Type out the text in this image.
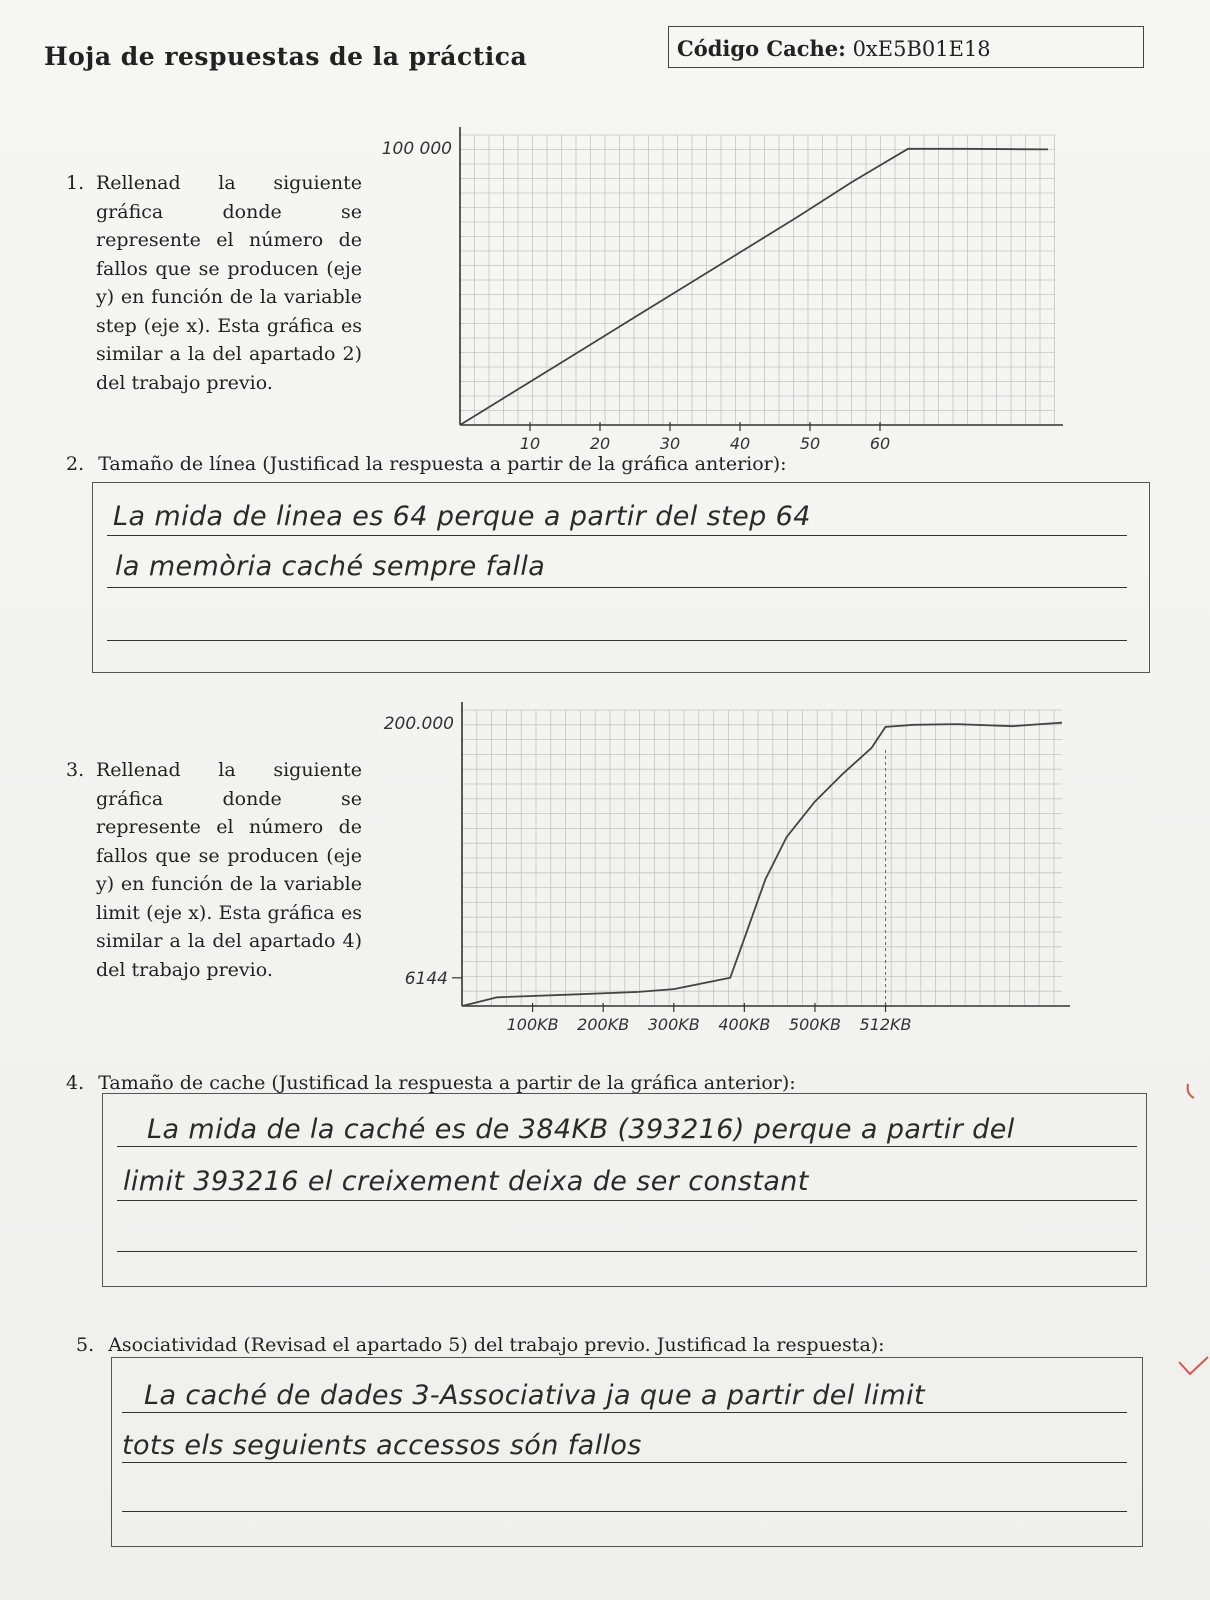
Hoja de respuestas de la práctica	Código Cache: 0xE5B01E18
1. Rellenad la siguiente gráfica donde se represente el número de fallos que se producen (eje y) en función de la variable step (eje x). Esta gráfica es similar a la del apartado 2) del trabajo previo.
10	20	30	40	50	60
100 000
2. Tamaño de línea (Justificad la respuesta a partir de la gráfica anterior):
La mida de linea es 64 perque a partir del step 64
la memòria caché sempre falla
3. Rellenad la siguiente gráfica donde se represente el número de fallos que se producen (eje y) en función de la variable limit (eje x). Esta gráfica es similar a la del apartado 4) del trabajo previo.
100KB 200KB 300KB 400KB 500KB 512KB
200.000
6144
4. Tamaño de cache (Justificad la respuesta a partir de la gráfica anterior):
La mida de la caché es de 384KB (393216) perque a partir del
limit 393216 el creixement deixa de ser constant
5. Asociatividad (Revisad el apartado 5) del trabajo previo. Justificad la respuesta):
La caché de dades 3-Associativa ja que a partir del limit
tots els seguients accessos són fallos
